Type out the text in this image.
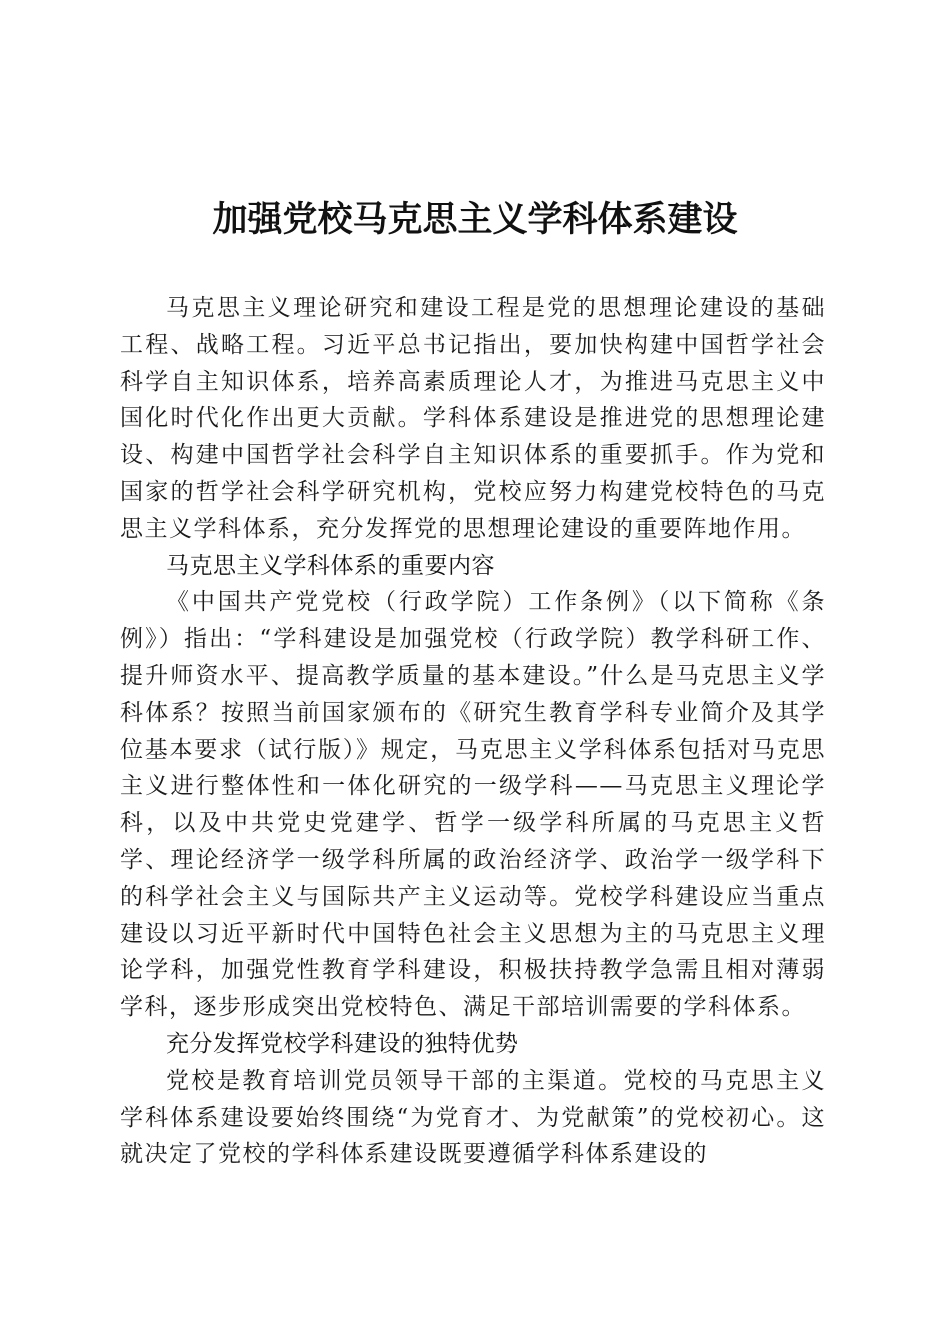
加强党校马克思主义学科体系建设

马克思主义理论研究和建设工程是党的思想理论建设的基础工程、战略工程。习近平总书记指出，要加快构建中国哲学社会科学自主知识体系，培养高素质理论人才，为推进马克思主义中国化时代化作出更大贡献。学科体系建设是推进党的思想理论建设、构建中国哲学社会科学自主知识体系的重要抓手。作为党和国家的哲学社会科学研究机构，党校应努力构建党校特色的马克思主义学科体系，充分发挥党的思想理论建设的重要阵地作用。

马克思主义学科体系的重要内容

《中国共产党党校（行政学院）工作条例》（以下简称《条例》）指出：“学科建设是加强党校（行政学院）教学科研工作、提升师资水平、提高教学质量的基本建设。”什么是马克思主义学科体系？按照当前国家颁布的《研究生教育学科专业简介及其学位基本要求（试行版）》规定，马克思主义学科体系包括对马克思主义进行整体性和一体化研究的一级学科——马克思主义理论学科，以及中共党史党建学、哲学一级学科所属的马克思主义哲学、理论经济学一级学科所属的政治经济学、政治学一级学科下的科学社会主义与国际共产主义运动等。党校学科建设应当重点建设以习近平新时代中国特色社会主义思想为主的马克思主义理论学科，加强党性教育学科建设，积极扶持教学急需且相对薄弱学科，逐步形成突出党校特色、满足干部培训需要的学科体系。

充分发挥党校学科建设的独特优势

党校是教育培训党员领导干部的主渠道。党校的马克思主义学科体系建设要始终围绕“为党育才、为党献策”的党校初心。这就决定了党校的学科体系建设既要遵循学科体系建设的
